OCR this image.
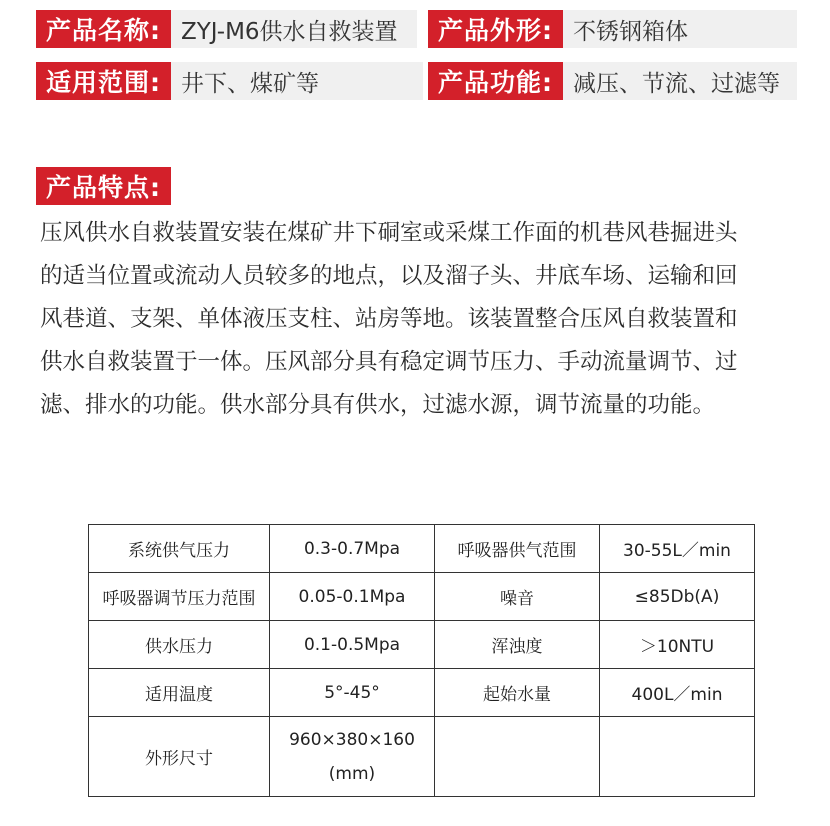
产品名称: ZYJ-M6供水自救装置	产品外形: 不锈钢箱体
适用范围: 井下、煤矿等	产品功能: 减压、节流、过滤等
产品特点:
压风供水自救装置安装在煤矿井下硐室或采煤工作面的机巷风巷掘进头
的适当位置或流动人员较多的地点，以及溜子头、井底车场、运输和回
风巷道、支架、单体液压支柱、站房等地。该装置整合压风自救装置和
供水自救装置于一体。压风部分具有稳定调节压力、手动流量调节、过
滤、排水的功能。供水部分具有供水，过滤水源，调节流量的功能。
系统供气压力	0.3-0.7Mpa	呼吸器供气范围	30-55L／min
呼吸器调节压力范围	0.05-0.1Mpa	噪音	≤85Db(A)
供水压力	0.1-0.5Mpa	浑浊度	＞10NTU
适用温度	5°-45°	起始水量	400L／min
外形尺寸	960×380×160
(mm)		
